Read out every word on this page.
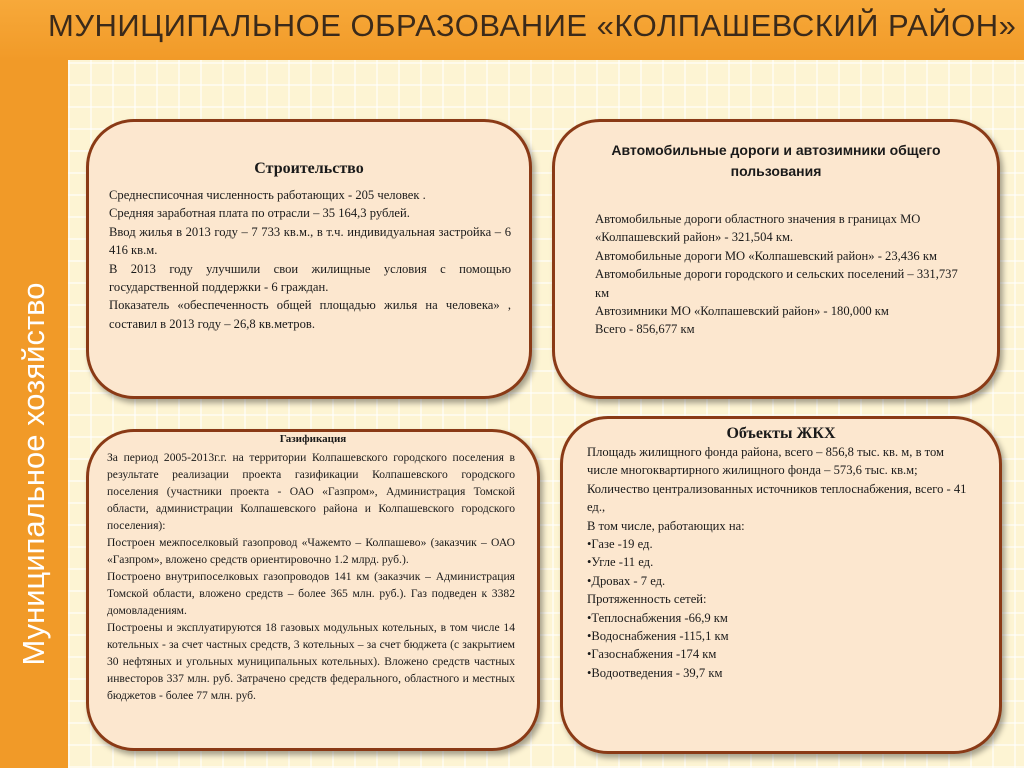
МУНИЦИПАЛЬНОЕ ОБРАЗОВАНИЕ «КОЛПАШЕВСКИЙ РАЙОН»
Муниципальное хозяйство
Строительство

Среднесписочная численность работающих - 205 человек .

Средняя заработная плата по отрасли – 35 164,3 рублей.

Ввод жилья в 2013 году – 7 733 кв.м., в т.ч. индивидуальная застройка – 6 416 кв.м.

В 2013 году улучшили свои жилищные условия с помощью государственной поддержки - 6 граждан.

Показатель «обеспеченность общей площадью жилья на человека» , составил в 2013 году – 26,8 кв.метров.

Автомобильные дороги и автозимники общего пользования

Автомобильные дороги областного значения в границах МО «Колпашевский район» - 321,504 км.

Автомобильные дороги МО «Колпашевский район» - 23,436 км

Автомобильные дороги городского и сельских поселений – 331,737 км

Автозимники МО «Колпашевский район» - 180,000 км

Всего - 856,677 км

Газификация

За период 2005-2013г.г. на территории Колпашевского городского поселения в результате реализации проекта газификации Колпашевского городского поселения (участники проекта - ОАО «Газпром», Администрация Томской области, администрации Колпашевского района и Колпашевского городского поселения):

Построен межпоселковый газопровод «Чажемто – Колпашево» (заказчик – ОАО «Газпром», вложено средств ориентировочно 1.2 млрд. руб.).

Построено внутрипоселковых газопроводов 141 км (заказчик – Администрация Томской области, вложено средств – более 365 млн. руб.). Газ подведен к 3382 домовладениям.

Построены и эксплуатируются 18 газовых модульных котельных, в том числе 14 котельных - за счет частных средств, 3 котельных – за счет бюджета (с закрытием 30 нефтяных и угольных муниципальных котельных). Вложено средств частных инвесторов 337 млн. руб. Затрачено средств федерального, областного и местных бюджетов - более 77 млн. руб.

Объекты ЖКХ

Площадь жилищного фонда района, всего – 856,8 тыс. кв. м, в том числе многоквартирного жилищного фонда – 573,6 тыс. кв.м;

Количество централизованных источников теплоснабжения, всего - 41 ед.,

В том числе, работающих на:

•Газе -19 ед.

•Угле -11 ед.

•Дровах - 7 ед.

Протяженность сетей:

•Теплоснабжения -66,9 км

•Водоснабжения -115,1 км

•Газоснабжения -174 км

•Водоотведения - 39,7 км
